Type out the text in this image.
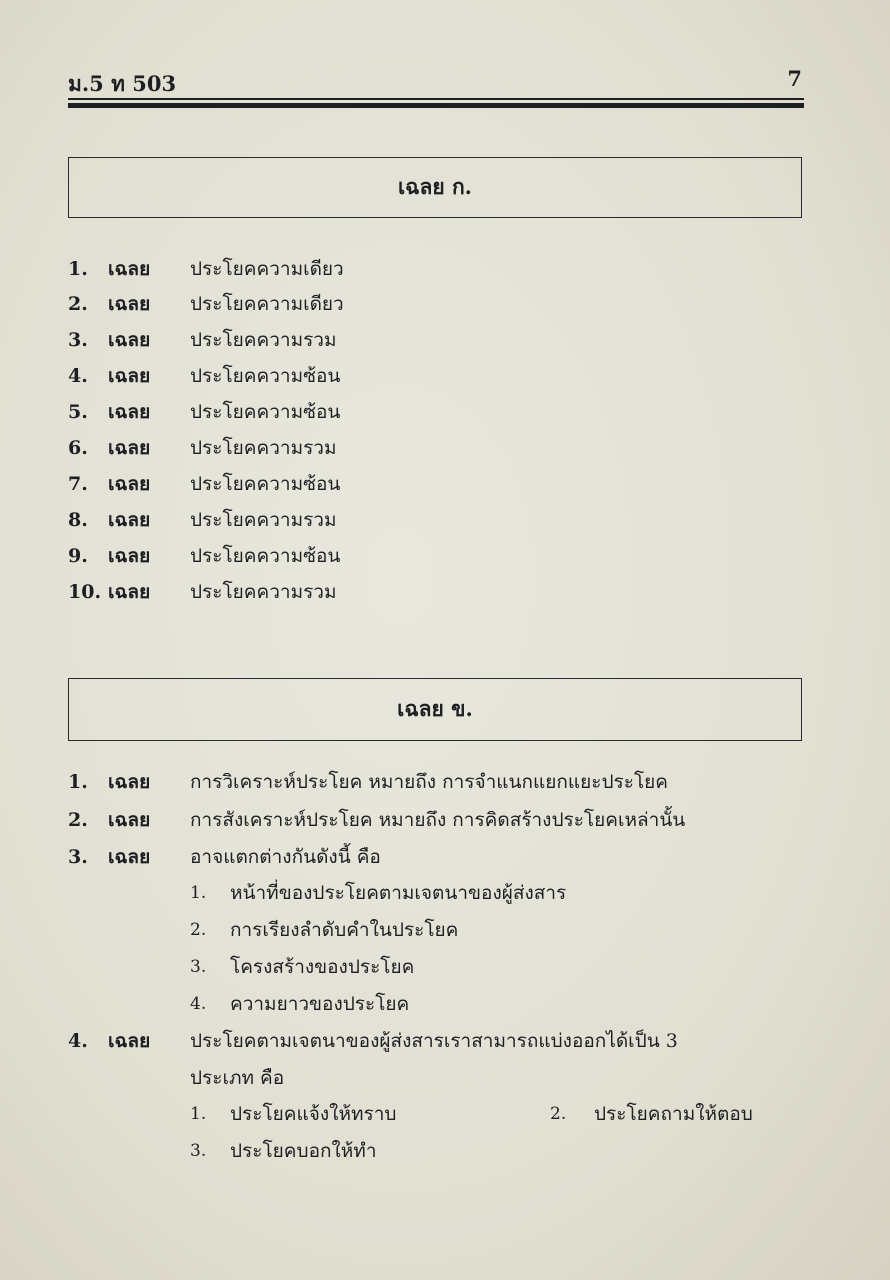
ม.5 ท 503	7
เฉลย ก.
1. เฉลย ประโยคความเดียว
2. เฉลย ประโยคความเดียว
3. เฉลย ประโยคความรวม
4. เฉลย ประโยคความซ้อน
5. เฉลย ประโยคความซ้อน
6. เฉลย ประโยคความรวม
7. เฉลย ประโยคความซ้อน
8. เฉลย ประโยคความรวม
9. เฉลย ประโยคความซ้อน
10. เฉลย ประโยคความรวม
เฉลย ข.
1. เฉลย การวิเคราะห์ประโยค หมายถึง การจำแนกแยกแยะประโยค
2. เฉลย การสังเคราะห์ประโยค หมายถึง การคิดสร้างประโยคเหล่านั้น
3. เฉลย อาจแตกต่างกันดังนี้ คือ
1. หน้าที่ของประโยคตามเจตนาของผู้ส่งสาร
2. การเรียงลำดับคำในประโยค
3. โครงสร้างของประโยค
4. ความยาวของประโยค
4. เฉลย ประโยคตามเจตนาของผู้ส่งสารเราสามารถแบ่งออกได้เป็น 3
ประเภท คือ
1. ประโยคแจ้งให้ทราบ	2. ประโยคถามให้ตอบ
3. ประโยคบอกให้ทำ
